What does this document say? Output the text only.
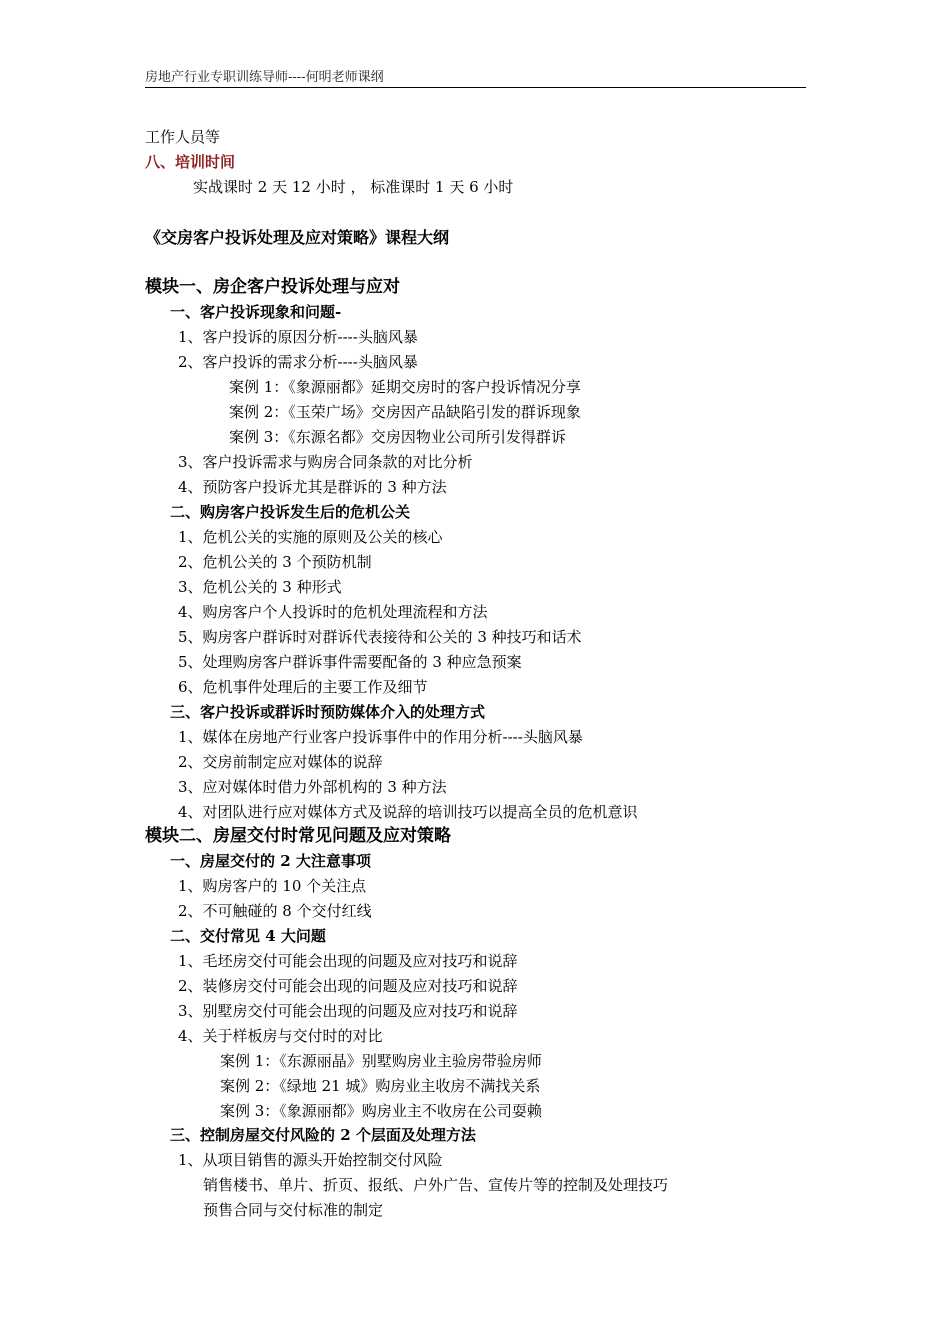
房地产行业专职训练导师----何明老师课纲
工作人员等
八、培训时间
实战课时 2 天 12 小时 ， 标准课时 1 天 6 小时
《交房客户投诉处理及应对策略》课程大纲
模块一、房企客户投诉处理与应对
一、客户投诉现象和问题-
1、客户投诉的原因分析----头脑风暴
2、客户投诉的需求分析----头脑风暴
案例 1：《象源丽都》延期交房时的客户投诉情况分享
案例 2：《玉荣广场》交房因产品缺陷引发的群诉现象
案例 3：《东源名都》交房因物业公司所引发得群诉
3、客户投诉需求与购房合同条款的对比分析
4、预防客户投诉尤其是群诉的 3 种方法
二、购房客户投诉发生后的危机公关
1、危机公关的实施的原则及公关的核心
2、危机公关的 3 个预防机制
3、危机公关的 3 种形式
4、购房客户个人投诉时的危机处理流程和方法
5、购房客户群诉时对群诉代表接待和公关的 3 种技巧和话术
5、处理购房客户群诉事件需要配备的 3 种应急预案
6、危机事件处理后的主要工作及细节
三、客户投诉或群诉时预防媒体介入的处理方式
1、媒体在房地产行业客户投诉事件中的作用分析----头脑风暴
2、交房前制定应对媒体的说辞
3、应对媒体时借力外部机构的 3 种方法
4、对团队进行应对媒体方式及说辞的培训技巧以提高全员的危机意识
模块二、房屋交付时常见问题及应对策略
一、房屋交付的 2 大注意事项
1、购房客户的 10 个关注点
2、不可触碰的 8 个交付红线
二、交付常见 4 大问题
1、毛坯房交付可能会出现的问题及应对技巧和说辞
2、装修房交付可能会出现的问题及应对技巧和说辞
3、别墅房交付可能会出现的问题及应对技巧和说辞
4、关于样板房与交付时的对比
案例 1：《东源丽晶》别墅购房业主验房带验房师
案例 2：《绿地 21 城》购房业主收房不满找关系
案例 3：《象源丽都》购房业主不收房在公司耍赖
三、控制房屋交付风险的 2 个层面及处理方法
1、从项目销售的源头开始控制交付风险
销售楼书、单片、折页、报纸、户外广告、宣传片等的控制及处理技巧
预售合同与交付标准的制定
